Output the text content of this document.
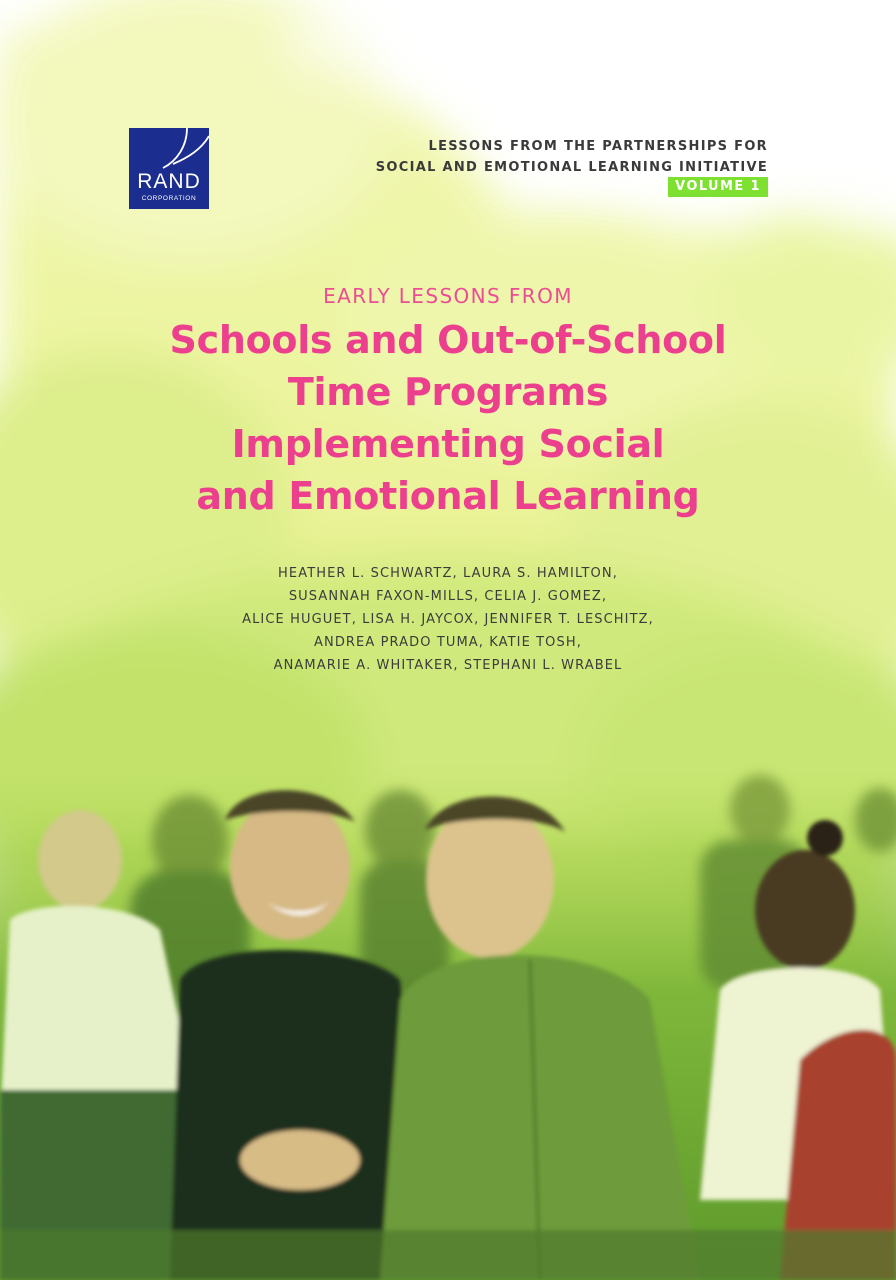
RAND
CORPORATION
LESSONS FROM THE PARTNERSHIPS FOR
SOCIAL AND EMOTIONAL LEARNING INITIATIVE
VOLUME 1
EARLY LESSONS FROM
Schools and Out-of-School
Time Programs
Implementing Social
and Emotional Learning
HEATHER L. SCHWARTZ, LAURA S. HAMILTON,
SUSANNAH FAXON-MILLS, CELIA J. GOMEZ,
ALICE HUGUET, LISA H. JAYCOX, JENNIFER T. LESCHITZ,
ANDREA PRADO TUMA, KATIE TOSH,
ANAMARIE A. WHITAKER, STEPHANI L. WRABEL
